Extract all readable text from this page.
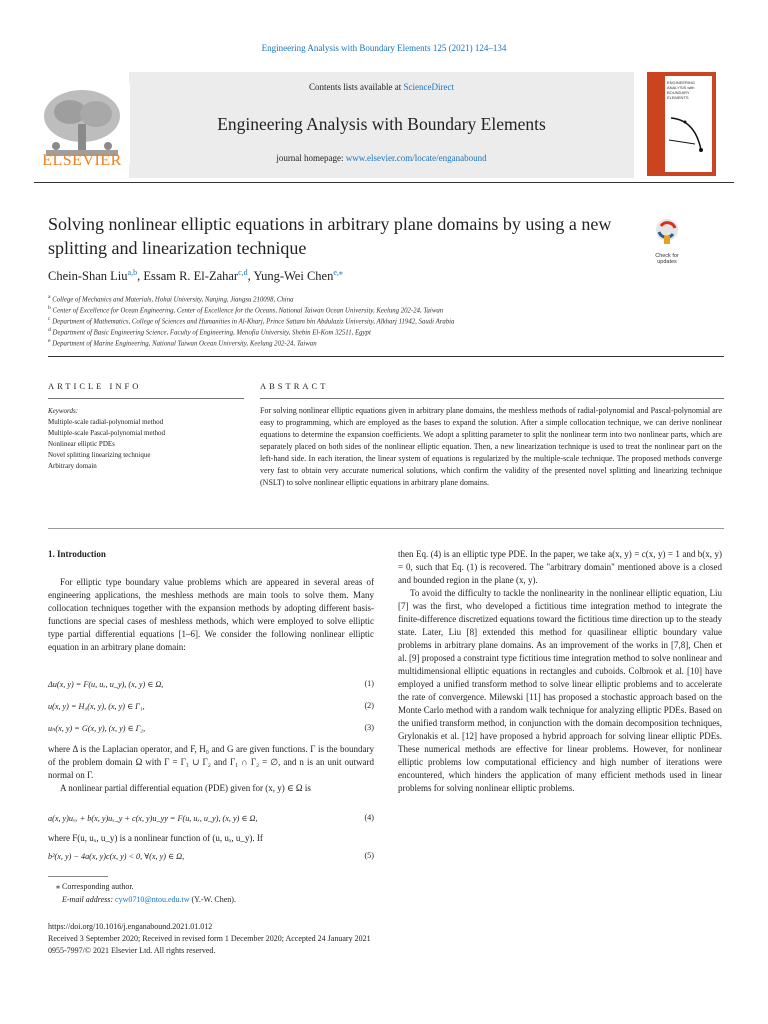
Engineering Analysis with Boundary Elements 125 (2021) 124–134
ELSEVIER
Contents lists available at ScienceDirect
Engineering Analysis with Boundary Elements
journal homepage: www.elsevier.com/locate/enganabound
ENGINEERING ANALYSIS with BOUNDARY ELEMENTS
Solving nonlinear elliptic equations in arbitrary plane domains by using a new splitting and linearization technique	Check for updates
Chein-Shan Liu$^{a,b}$, Essam R. El-Zahar$^{c,d}$, Yung-Wei Chen$^{e,⁎}$
$^a$ College of Mechanics and Materials, Hohai University, Nanjing, Jiangsu 210098, China
$^b$ Center of Excellence for Ocean Engineering, Center of Excellence for the Oceans, National Taiwan Ocean University, Keelung 202-24, Taiwan
$^c$ Department of Mathematics, College of Sciences and Humanities in Al-Kharj, Prince Sattam bin Abdulaziz University, Alkharj 11942, Saudi Arabia
$^d$ Department of Basic Engineering Science, Faculty of Engineering, Menofia University, Shebin El-Kom 32511, Egypt
$^e$ Department of Marine Engineering, National Taiwan Ocean University, Keelung 202-24, Taiwan
ARTICLE INFO	ABSTRACT
Keywords:
Multiple-scale radial-polynomial method
Multiple-scale Pascal-polynomial method
Nonlinear elliptic PDEs
Novel splitting linearizing technique
Arbitrary domain
For solving nonlinear elliptic equations given in arbitrary plane domains, the meshless methods of radial-polynomial and Pascal-polynomial are easy to programming, which are employed as the bases to expand the solution. After a simple collocation technique, we can derive nonlinear equations to determine the expansion coefficients. We adopt a splitting parameter to split the nonlinear term into two nonlinear parts, which are separately placed on both sides of the nonlinear elliptic equation. Then, a new linearization technique is used to treat the nonlinear part on the left-hand side. In each iteration, the linear system of equations is regularized by the multiple-scale technique. The proposed methods converge very fast to obtain very accurate numerical solutions, which confirm the validity of the presented novel splitting and linearizing technique (NSLT) to solve nonlinear elliptic equations in arbitrary plane domains.
1. Introduction

For elliptic type boundary value problems which are appeared in several areas of engineering applications, the meshless methods are main tools to solve them. Many collocation techniques together with the expansion methods by adopting different basis-functions are special cases of meshless methods, which were employed to solve elliptic type partial differential equations [1–6]. We consider the following nonlinear elliptic equation in an arbitrary plane domain:

Δu(x, y) = F(u, uₓ, u_y), (x, y) ∈ Ω,	(1)
u(x, y) = H₀(x, y), (x, y) ∈ Γ₁,	(2)
uₙ(x, y) = G(x, y), (x, y) ∈ Γ₂,	(3)

where Δ is the Laplacian operator, and F, H₀ and G are given functions. Γ is the boundary of the problem domain Ω with Γ = Γ₁ ∪ Γ₂ and Γ₁ ∩ Γ₂ = ∅, and n is an unit outward normal on Γ.

A nonlinear partial differential equation (PDE) given for (x, y) ∈ Ω is

a(x, y)uₓₓ + b(x, y)uₓ_y + c(x, y)u_yy = F(u, uₓ, u_y), (x, y) ∈ Ω,	(4)

where F(u, uₓ, u_y) is a nonlinear function of (u, uₓ, u_y). If

b²(x, y) − 4a(x, y)c(x, y) < 0, ∀(x, y) ∈ Ω,	(5)

then Eq. (4) is an elliptic type PDE. In the paper, we take a(x, y) = c(x, y) = 1 and b(x, y) = 0, such that Eq. (1) is recovered. The "arbitrary domain" mentioned above is a closed and bounded region in the plane (x, y).

To avoid the difficulty to tackle the nonlinearity in the nonlinear elliptic equation, Liu [7] was the first, who developed a fictitious time integration method to integrate the finite-difference discretized equations toward the fictitious time direction up to the steady state. Later, Liu [8] extended this method for quasilinear elliptic boundary value problems in arbitrary plane domains. As an improvement of the works in [7,8], Chen et al. [9] proposed a constraint type fictitious time integration method to solve nonlinear and multidimensional elliptic equations in rectangles and cuboids. Colbrook et al. [10] have employed a unified transform method to solve linear elliptic problems and to accelerate the rate of convergence. Milewski [11] has proposed a stochastic approach based on the Monte Carlo method with a random walk technique for analyzing elliptic PDEs. Based on the unified transform method, in conjunction with the domain decomposition techniques, Grylonakis et al. [12] have proposed a hybrid approach for solving linear elliptic PDEs. These numerical methods are effective for linear problems. However, for nonlinear elliptic problems low computational efficiency and high number of iterations were encountered, which hinders the application of many efficient methods used in linear problems for solving nonlinear elliptic problems.

⁎ Corresponding author.
E-mail address: cyw0710@ntou.edu.tw (Y.-W. Chen).
https://doi.org/10.1016/j.enganabound.2021.01.012
Received 3 September 2020; Received in revised form 1 December 2020; Accepted 24 January 2021
0955-7997/© 2021 Elsevier Ltd. All rights reserved.
